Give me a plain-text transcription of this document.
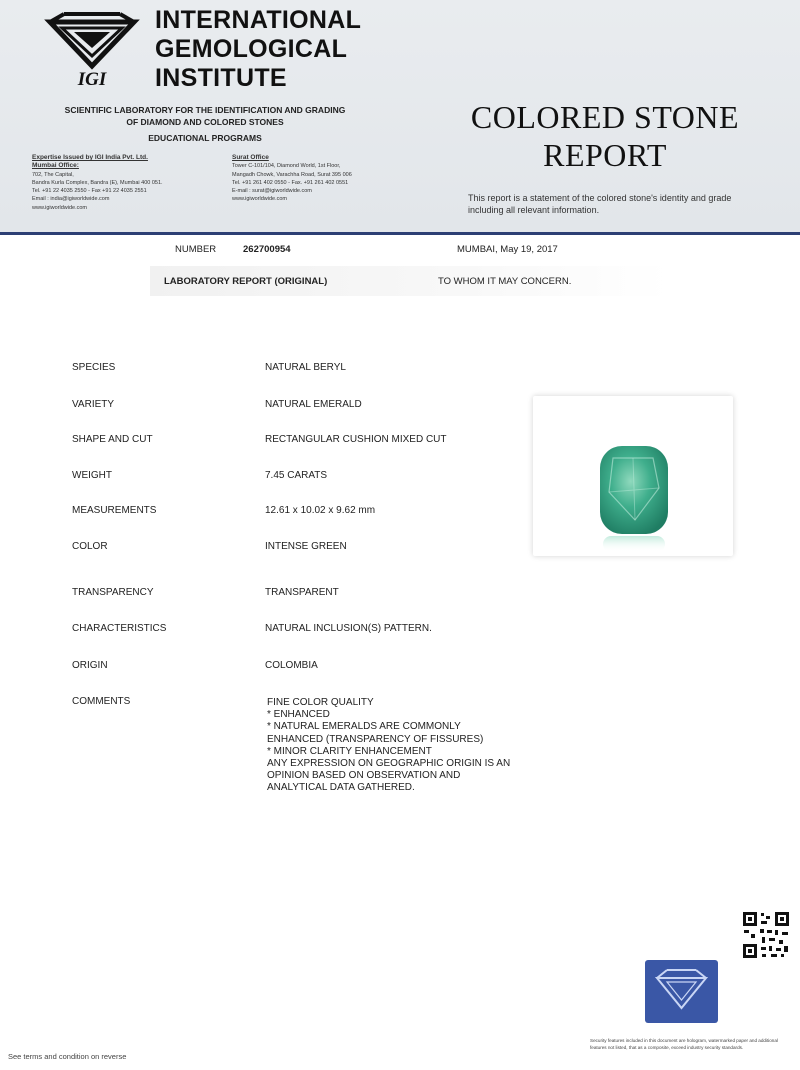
IGI
INTERNATIONAL
GEMOLOGICAL
INSTITUTE
SCIENTIFIC LABORATORY FOR THE IDENTIFICATION AND GRADING
OF DIAMOND AND COLORED STONES
EDUCATIONAL PROGRAMS
Expertise Issued by IGI India Pvt. Ltd.
Mumbai Office:
702, The Capital,
Bandra Kurla Complex, Bandra (E), Mumbai 400 051.
Tel. +91 22 4035 2550 - Fax +91 22 4035 2551
Email : india@igiworldwide.com
www.igiworldwide.com
Surat Office
Tower C-101/104, Diamond World, 1st Floor,
Mangadh Chowk, Varachha Road, Surat 395 006
Tel. +91 261 402 0550 - Fax. +91 261 402 0551
E-mail : surat@igiworldwide.com
www.igiworldwide.com
COLORED STONE
REPORT
This report is a statement of the colored stone's identity and grade including all relevant information.
NUMBER	262700954	MUMBAI, May 19, 2017
LABORATORY REPORT (ORIGINAL)	TO WHOM IT MAY CONCERN.
SPECIES	NATURAL BERYL
VARIETY	NATURAL EMERALD
SHAPE AND CUT	RECTANGULAR CUSHION MIXED CUT
WEIGHT	7.45 CARATS
MEASUREMENTS	12.61 x 10.02 x 9.62 mm
COLOR	INTENSE GREEN
TRANSPARENCY	TRANSPARENT
CHARACTERISTICS	NATURAL INCLUSION(S) PATTERN.
ORIGIN	COLOMBIA
COMMENTS	FINE COLOR QUALITY
* ENHANCED
* NATURAL EMERALDS ARE COMMONLY
ENHANCED (TRANSPARENCY OF FISSURES)
* MINOR CLARITY ENHANCEMENT
ANY EXPRESSION ON GEOGRAPHIC ORIGIN IS AN
OPINION BASED ON OBSERVATION AND
ANALYTICAL DATA GATHERED.
Security features included in this document are hologram, watermarked paper and additional features not listed, that as a composite, exceed industry security standards.
See terms and condition on reverse
